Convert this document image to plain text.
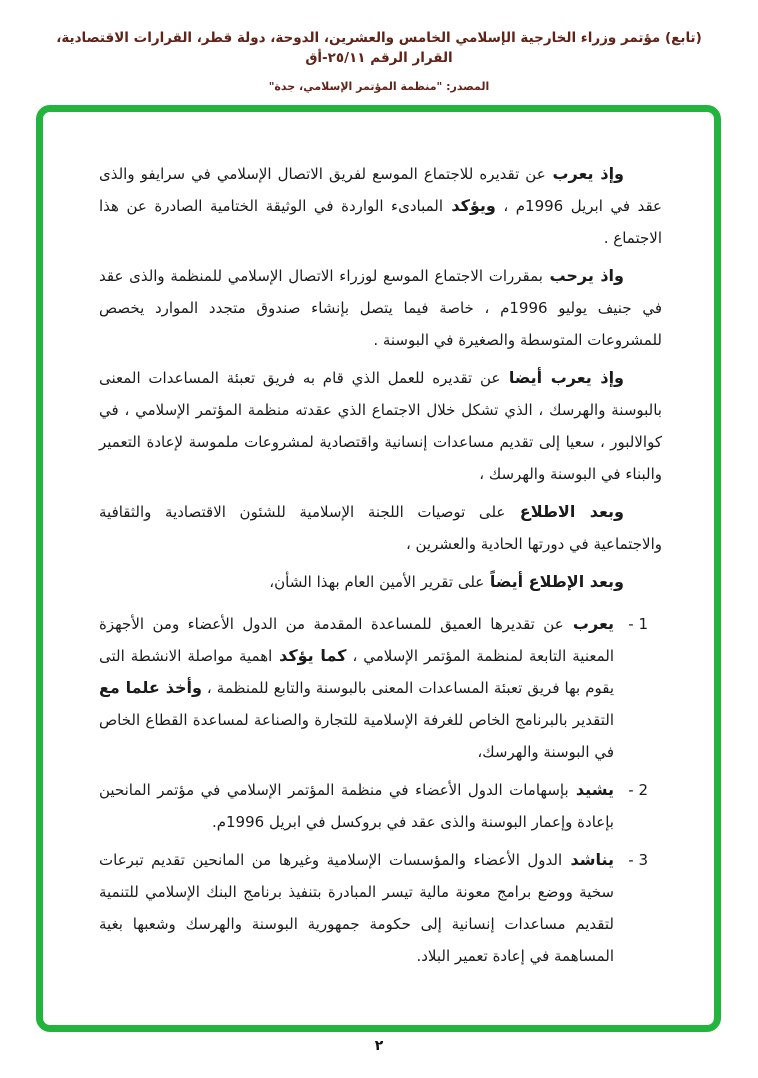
(تابع) مؤتمر وزراء الخارجية الإسلامي الخامس والعشرين، الدوحة، دولة قطر، القرارات الاقتصادية، القرار الرقم ٢٥/١١-أق
المصدر: "منظمة المؤتمر الإسلامي، جدة"

وإذ يعرب عن تقديره للاجتماع الموسع لفريق الاتصال الإسلامي في سرايفو والذى عقد في ابريل 1996م ، ويؤكد المبادىء الواردة في الوثيقة الختامية الصادرة عن هذا الاجتماع .

واذ يرحب بمقررات الاجتماع الموسع لوزراء الاتصال الإسلامي للمنظمة والذى عقد في جنيف يوليو 1996م ، خاصة فيما يتصل بإنشاء صندوق متجدد الموارد يخصص للمشروعات المتوسطة والصغيرة في البوسنة .

وإذ يعرب أيضا عن تقديره للعمل الذي قام به فريق تعبئة المساعدات المعنى بالبوسنة والهرسك ، الذي تشكل خلال الاجتماع الذي عقدته منظمة المؤتمر الإسلامي ، في كوالالبور ، سعيا إلى تقديم مساعدات إنسانية واقتصادية لمشروعات ملموسة لإعادة التعمير والبناء في البوسنة والهرسك ،

وبعد الاطلاع على توصيات اللجنة الإسلامية للشئون الاقتصادية والثقافية والاجتماعية في دورتها الحادية والعشرين ،

وبعد الإطلاع أيضاً على تقرير الأمين العام بهذا الشأن،

1 -
يعرب عن تقديرها العميق للمساعدة المقدمة من الدول الأعضاء ومن الأجهزة المعنية التابعة لمنظمة المؤتمر الإسلامي ، كما يؤكد اهمية مواصلة الانشطة التى يقوم بها فريق تعبئة المساعدات المعنى بالبوسنة والتابع للمنظمة ، وأخذ علما مع التقدير بالبرنامج الخاص للغرفة الإسلامية للتجارة والصناعة لمساعدة القطاع الخاص في البوسنة والهرسك،
2 -
يشيد بإسهامات الدول الأعضاء في منظمة المؤتمر الإسلامي في مؤتمر المانحين بإعادة وإعمار البوسنة والذى عقد في بروكسل في ابريل 1996م.
3 -
يناشد الدول الأعضاء والمؤسسات الإسلامية وغيرها من المانحين تقديم تبرعات سخية ووضع برامج معونة مالية تيسر المبادرة بتنفيذ برنامج البنك الإسلامي للتنمية لتقديم مساعدات إنسانية إلى حكومة جمهورية البوسنة والهرسك وشعبها بغية المساهمة في إعادة تعمير البلاد.
٢
